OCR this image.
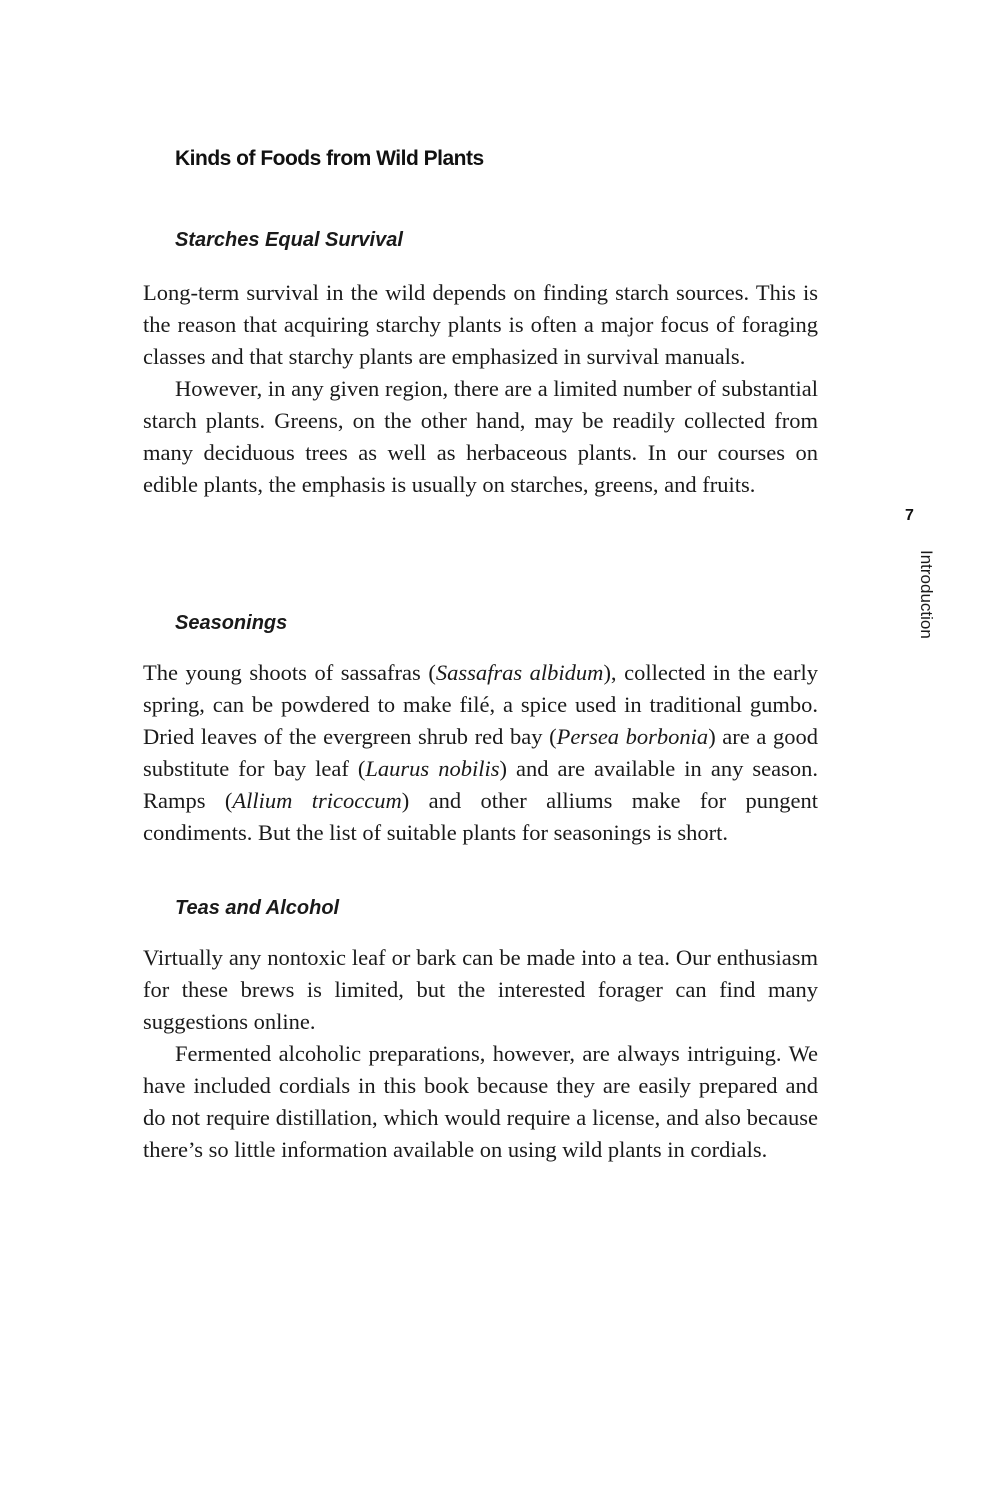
Kinds of Foods from Wild Plants
Starches Equal Survival

Long-term survival in the wild depends on finding starch sources. This is the reason that acquiring starchy plants is often a major focus of foraging classes and that starchy plants are emphasized in survival manuals.

However, in any given region, there are a limited number of substantial starch plants. Greens, on the other hand, may be readily collected from many deciduous trees as well as herbaceous plants. In our courses on edible plants, the emphasis is usually on starches, greens, and fruits.

Seasonings

The young shoots of sassafras (Sassafras albidum), collected in the early spring, can be powdered to make filé, a spice used in traditional gumbo. Dried leaves of the evergreen shrub red bay (Persea borbonia) are a good substitute for bay leaf (Laurus nobilis) and are available in any season. Ramps (Allium tricoccum) and other alliums make for pungent condiments. But the list of suitable plants for seasonings is short.

Teas and Alcohol

Virtually any nontoxic leaf or bark can be made into a tea. Our enthusiasm for these brews is limited, but the interested forager can find many suggestions online.

Fermented alcoholic preparations, however, are always intriguing. We have included cordials in this book because they are easily prepared and do not require distillation, which would require a license, and also because there’s so little information available on using wild plants in cordials.

7
Introduction
